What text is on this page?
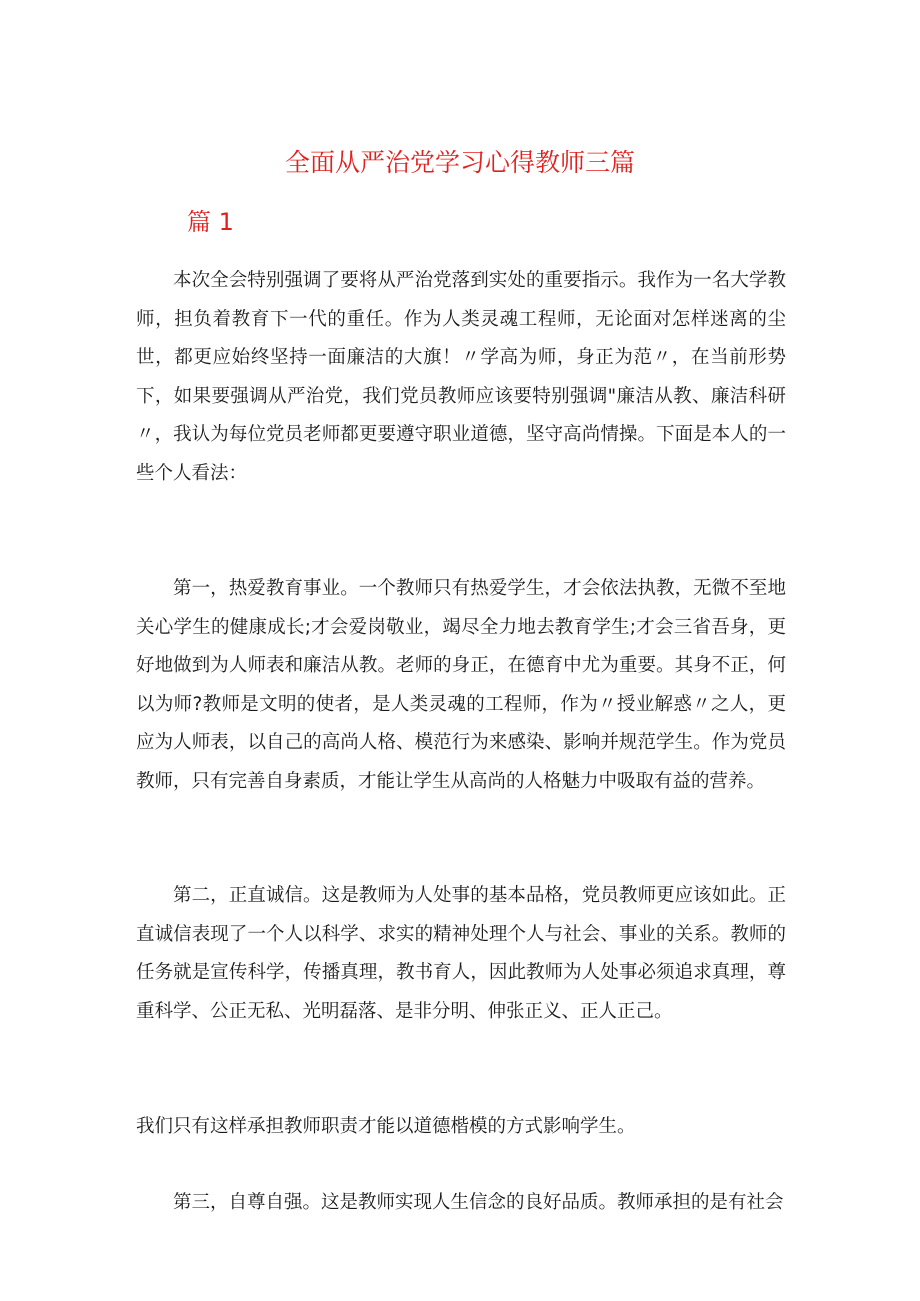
全面从严治党学习心得教师三篇
篇 1

本次全会特别强调了要将从严治党落到实处的重要指示。我作为一名大学教师，担负着教育下一代的重任。作为人类灵魂工程师，无论面对怎样迷离的尘世，都更应始终坚持一面廉洁的大旗！〃学高为师，身正为范〃，在当前形势下，如果要强调从严治党，我们党员教师应该要特别强调"廉洁从教、廉洁科研〃，我认为每位党员老师都更要遵守职业道德，坚守高尚情操。下面是本人的一些个人看法：

第一，热爱教育事业。一个教师只有热爱学生，才会依法执教，无微不至地关心学生的健康成长;才会爱岗敬业，竭尽全力地去教育学生;才会三省吾身，更好地做到为人师表和廉洁从教。老师的身正，在德育中尤为重要。其身不正，何以为师?教师是文明的使者，是人类灵魂的工程师，作为〃授业解惑〃之人，更应为人师表，以自己的高尚人格、模范行为来感染、影响并规范学生。作为党员教师，只有完善自身素质，才能让学生从高尚的人格魅力中吸取有益的营养。

第二，正直诚信。这是教师为人处事的基本品格，党员教师更应该如此。正直诚信表现了一个人以科学、求实的精神处理个人与社会、事业的关系。教师的任务就是宣传科学，传播真理，教书育人，因此教师为人处事必须追求真理，尊重科学、公正无私、光明磊落、是非分明、伸张正义、正人正己。

我们只有这样承担教师职责才能以道德楷模的方式影响学生。

第三，自尊自强。这是教师实现人生信念的良好品质。教师承担的是有社会
